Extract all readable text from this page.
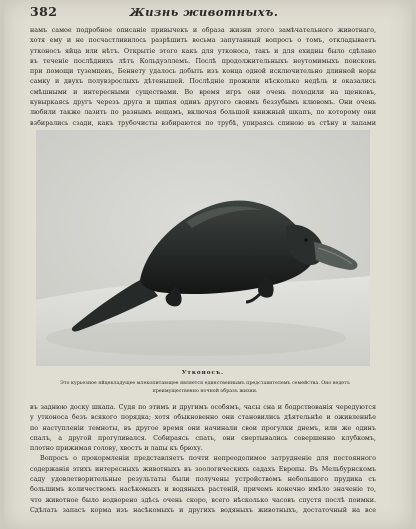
382	Жизнь животныхъ.
намъ самое подробное описанiе привычекъ и образа жизни этого замѣчательного животнаго,
хотя ему и не посчастливилось разрѣшить весьма запутанный вопросъ о томъ, откладываетъ
утконосъ яйца или нѣтъ. Открытiе этого какъ для утконоса, такъ и для ехидны было сдѣлано
въ теченiе послѣднихъ лѣтъ Кольдуэллемъ. Послѣ продолжительныхъ неутомимыхъ поисковъ
при помощи туземцевъ, Беннету удалось добыть изъ конца одной исключительно длинной норы
самку и двухъ полувзрослыхъ дѣтенышей. Послѣднiе прожили нѣсколько недѣль и оказались
смѣшными и интересными существами. Во время игръ они очень походили на щенковъ,
кувыркаясь другъ черезъ друга и щипая одинъ другого своимъ беззубымъ клювомъ. Они очень
любили также лазить по разнымъ вещамъ, включая большой книжный шкапъ, по которому они
взбирались сзади, какъ трубочисты взбираются по трубѣ, упираясь спиною въ стѣну и лапами
Утконосъ.
Это курьезное яйцекладущее млекопитающее является единственнымъ представителемъ семейства. Оно ведетъ преимущественно ночной образъ жизни.
въ заднюю доску шкапа. Судя по этимъ и другимъ особямъ, часы сна и бодрствованiя чередуются
у утконоса безъ всякого порядка; хотя обыкновенно они становились дѣятельнѣе и оживленнѣе
по наступленiи темноты, въ другое время они начинали свои прогулки днемъ, или же одинъ
спалъ, а другой прогуливался. Собираясь спать, они свертывались совершенно клубкомъ,
плотно прижимая голову, хвостъ и лапы къ брюху.
Вопросъ о прокормленiи представляетъ почти непреодолимое затрудненiе для постоянного
содержанiя этихъ интересныхъ животныхъ въ зоологическихъ садахъ Европы. Въ Мельбурнскомъ
саду удовлетворительные результаты были получены устройствомъ небольшого прудика съ
большимъ количествомъ насѣкомыхъ и водяныхъ растенiй, причемъ конечно имѣло значенiе то,
что животное было водворено здѣсь очень скоро, всего нѣсколько часовъ спустя послѣ поимки.
Сдѣлать запасъ корма изъ насѣкомыхъ и другихъ водяныхъ животныхъ, достаточный на все
